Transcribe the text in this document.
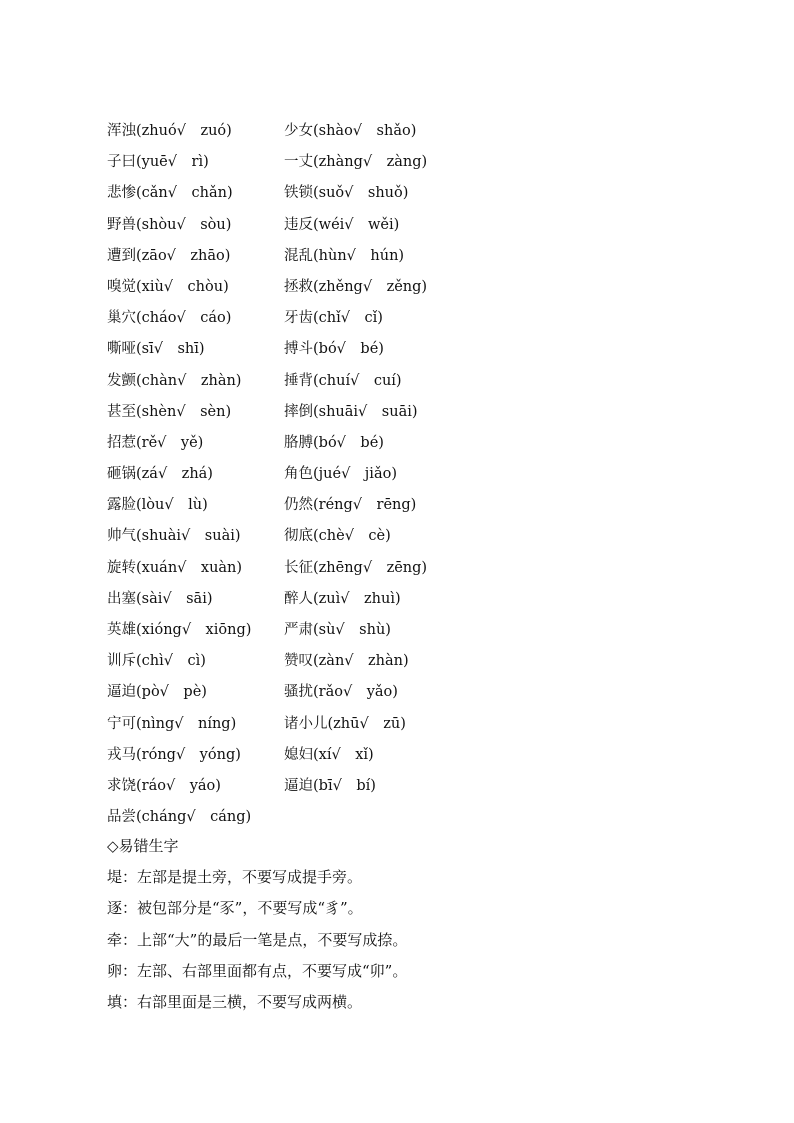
浑浊(zhuó√　zuó)	少女(shào√　shǎo)
子曰(yuē√　rì)	一丈(zhàng√　zàng)
悲惨(cǎn√　chǎn)	铁锁(suǒ√　shuǒ)
野兽(shòu√　sòu)	违反(wéi√　wěi)
遭到(zāo√　zhāo)	混乱(hùn√　hún)
嗅觉(xiù√　chòu)	拯救(zhěng√　zěng)
巢穴(cháo√　cáo)	牙齿(chǐ√　cǐ)
嘶哑(sī√　shī)	搏斗(bó√　bé)
发颤(chàn√　zhàn)	捶背(chuí√　cuí)
甚至(shèn√　sèn)	摔倒(shuāi√　suāi)
招惹(rě√　yě)	胳膊(bó√　bé)
砸锅(zá√　zhá)	角色(jué√　jiǎo)
露脸(lòu√　lù)	仍然(réng√　rēng)
帅气(shuài√　suài)	彻底(chè√　cè)
旋转(xuán√　xuàn)	长征(zhēng√　zēng)
出塞(sài√　sāi)	醉人(zuì√　zhuì)
英雄(xióng√　xiōng) 严肃(sù√　shù)
训斥(chì√　cì)	赞叹(zàn√　zhàn)
逼迫(pò√　pè)	骚扰(rǎo√　yǎo)
宁可(nìng√　níng)	诸小儿(zhū√　zū)
戎马(róng√　yóng)	媳妇(xí√　xǐ)
求饶(ráo√　yáo)	逼迫(bī√　bí)
品尝(cháng√　cáng)
◇易错生字
堤：左部是提土旁，不要写成提手旁。
逐：被包部分是“豕”，不要写成“豸”。
牵：上部“大”的最后一笔是点，不要写成捺。
卵：左部、右部里面都有点，不要写成“卯”。
填：右部里面是三横，不要写成两横。
